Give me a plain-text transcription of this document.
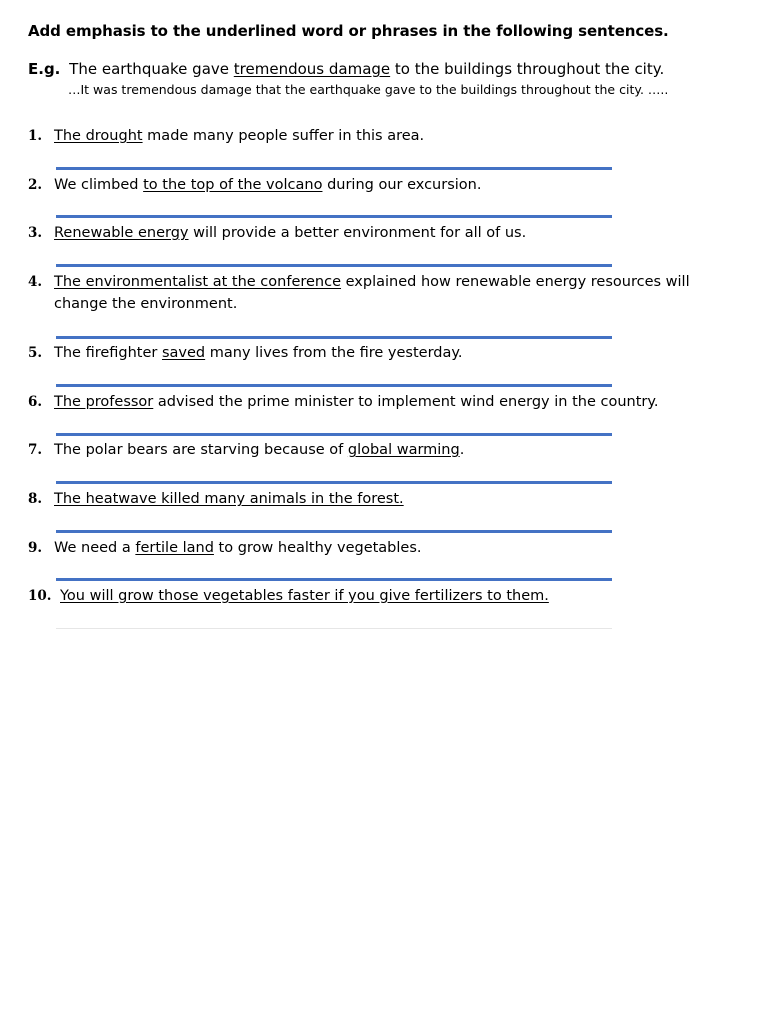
Add emphasis to the underlined word or phrases in the following sentences.
E.g. The earthquake gave tremendous damage to the buildings throughout the city.
…It was tremendous damage that the earthquake gave to the buildings throughout the city. …..
1. The drought made many people suffer in this area.
2. We climbed to the top of the volcano during our excursion.
3. Renewable energy will provide a better environment for all of us.
4. The environmentalist at the conference explained how renewable energy resources will change the environment.
5. The firefighter saved many lives from the fire yesterday.
6. The professor advised the prime minister to implement wind energy in the country.
7. The polar bears are starving because of global warming.
8. The heatwave killed many animals in the forest.
9. We need a fertile land to grow healthy vegetables.
10. You will grow those vegetables faster if you give fertilizers to them.
